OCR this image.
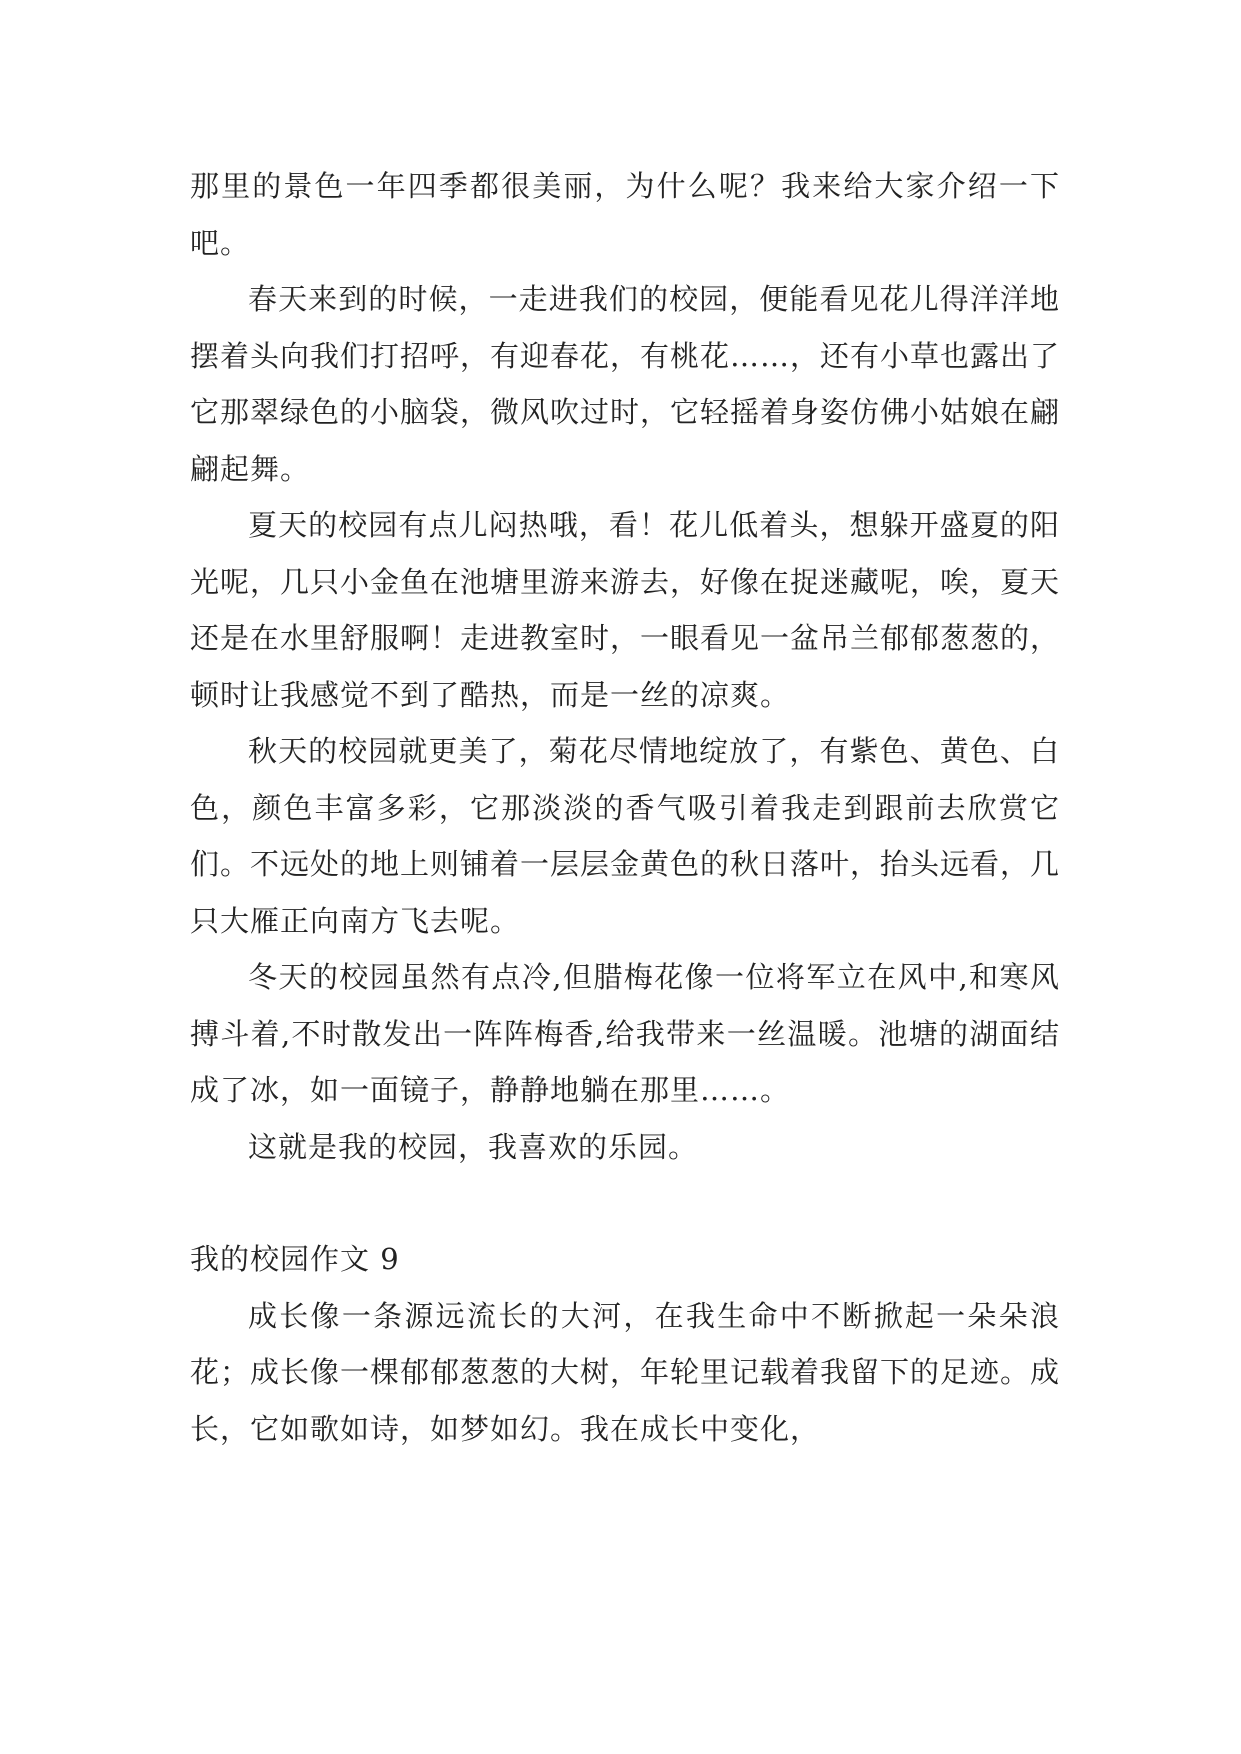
那里的景色一年四季都很美丽，为什么呢？我来给大家介绍一下吧。

春天来到的时候，一走进我们的校园，便能看见花儿得洋洋地摆着头向我们打招呼，有迎春花，有桃花……，还有小草也露出了它那翠绿色的小脑袋，微风吹过时，它轻摇着身姿仿佛小姑娘在翩翩起舞。

夏天的校园有点儿闷热哦，看！花儿低着头，想躲开盛夏的阳光呢，几只小金鱼在池塘里游来游去，好像在捉迷藏呢，唉，夏天还是在水里舒服啊！走进教室时，一眼看见一盆吊兰郁郁葱葱的，顿时让我感觉不到了酷热，而是一丝的凉爽。

秋天的校园就更美了，菊花尽情地绽放了，有紫色、黄色、白色，颜色丰富多彩，它那淡淡的香气吸引着我走到跟前去欣赏它们。不远处的地上则铺着一层层金黄色的秋日落叶，抬头远看，几只大雁正向南方飞去呢。

冬天的校园虽然有点冷,但腊梅花像一位将军立在风中,和寒风搏斗着,不时散发出一阵阵梅香,给我带来一丝温暖。池塘的湖面结成了冰，如一面镜子，静静地躺在那里……。

这就是我的校园，我喜欢的乐园。

我的校园作文 9

成长像一条源远流长的大河，在我生命中不断掀起一朵朵浪花；成长像一棵郁郁葱葱的大树，年轮里记载着我留下的足迹。成长，它如歌如诗，如梦如幻。我在成长中变化，
